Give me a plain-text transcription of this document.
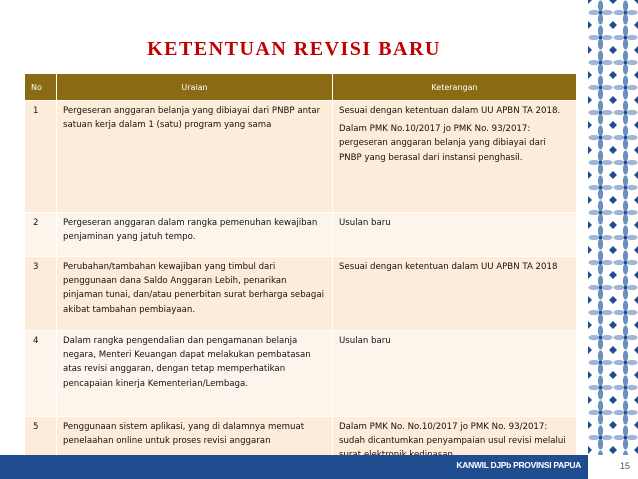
KETENTUAN REVISI BARU
No	Uraian	Keterangan
1	Pergeseran anggaran belanja yang dibiayai dari PNBP antar satuan kerja dalam 1 (satu) program yang sama	Sesuai dengan ketentuan dalam UU APBN TA 2018.

Dalam PMK No.10/2017 jo PMK No. 93/2017: pergeseran anggaran belanja yang dibiayai dari PNBP yang berasal dari instansi penghasil.

2	Pergeseran anggaran dalam rangka pemenuhan kewajiban penjaminan yang jatuh tempo.	Usulan baru

3	Perubahan/tambahan kewajiban yang timbul dari penggunaan dana Saldo Anggaran Lebih, penarikan pinjaman tunai, dan/atau penerbitan surat berharga sebagai akibat tambahan pembiayaan.	Sesuai dengan ketentuan dalam UU APBN TA 2018

4	Dalam rangka pengendalian dan pengamanan belanja negara, Menteri Keuangan dapat melakukan pembatasan atas revisi anggaran, dengan tetap memperhatikan pencapaian kinerja Kementerian/Lembaga.	Usulan baru

5	Penggunaan sistem aplikasi, yang di dalamnya memuat penelaahan online untuk proses revisi anggaran	Dalam PMK No. No.10/2017 jo PMK No. 93/2017: sudah dicantumkan penyampaian usul revisi melalui

KANWIL DJPb PROVINSI PAPUA	15
